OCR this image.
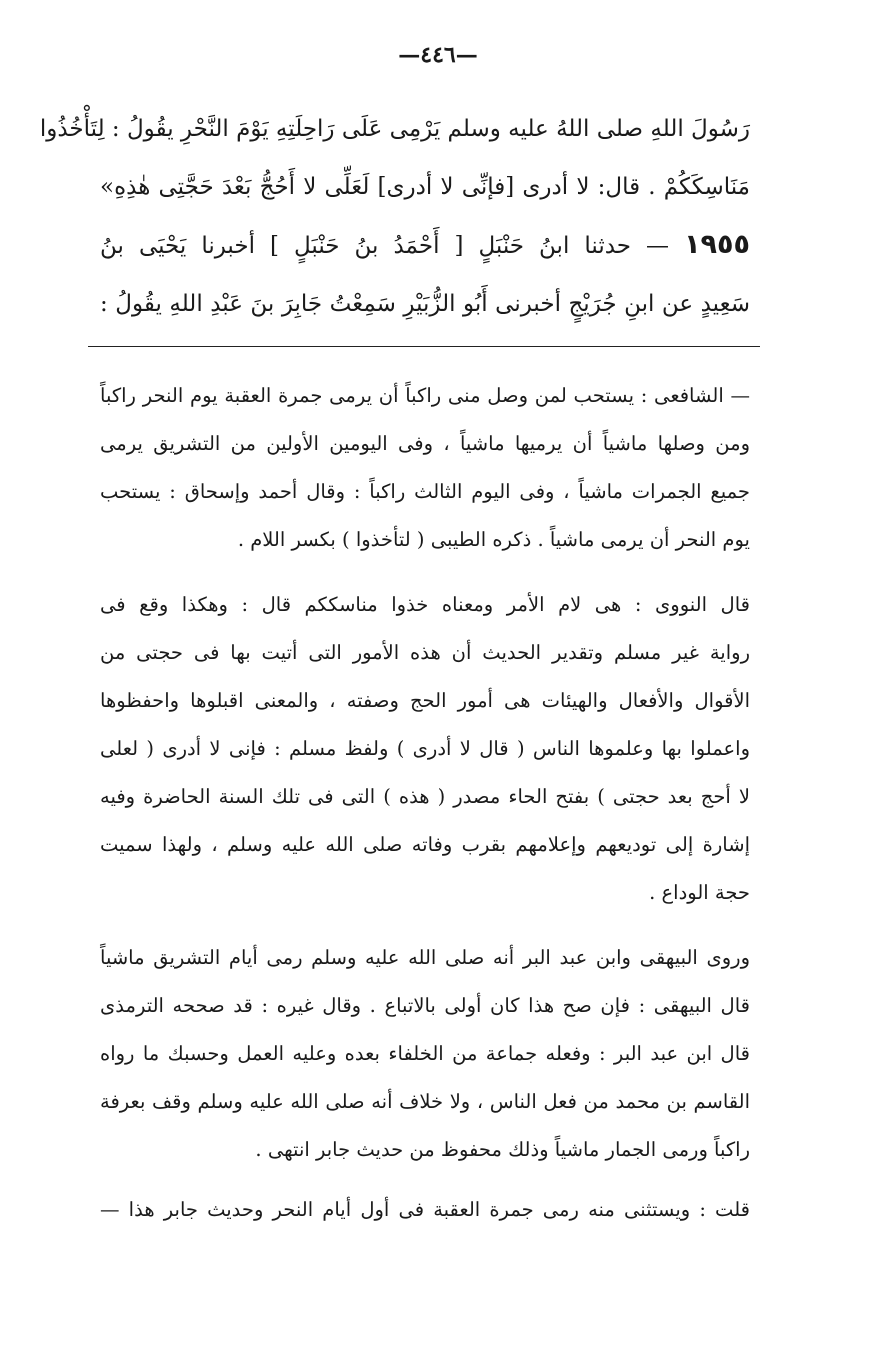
—٤٤٦—
رَسُولَ اللهِ صلى اللهُ عليه وسلم يَرْمِى عَلَى رَاحِلَتِهِ يَوْمَ النَّحْرِ يقُولُ : لِتَأْخُذُوا
مَنَاسِكَكُمْ . قال: لا أدرى [فإنِّى لا أدرى] لَعَلِّى لا أَحُجُّ بَعْدَ حَجَّتِى هٰذِهِ»
١٩٥٥ — حدثنا ابنُ حَنْبَلٍ [ أَحْمَدُ بنُ حَنْبَلٍ ] أخبرنا يَحْيَى بنُ
سَعِيدٍ عن ابنِ جُرَيْجٍ أخبرنى أَبُو الزُّبَيْرِ سَمِعْتُ جَابِرَ بنَ عَبْدِ اللهِ يقُولُ :
— الشافعى : يستحب لمن وصل منى راكباً أن يرمى جمرة العقبة يوم النحر راكباً
ومن وصلها ماشياً أن يرميها ماشياً ، وفى اليومين الأولين من التشريق يرمى
جميع الجمرات ماشياً ، وفى اليوم الثالث راكباً : وقال أحمد وإسحاق : يستحب
يوم النحر أن يرمى ماشياً . ذكره الطيبى ( لتأخذوا ) بكسر اللام .
قال النووى : هى لام الأمر ومعناه خذوا مناسككم قال : وهكذا وقع فى
رواية غير مسلم وتقدير الحديث أن هذه الأمور التى أتيت بها فى حجتى من
الأقوال والأفعال والهيئات هى أمور الحج وصفته ، والمعنى اقبلوها واحفظوها
واعملوا بها وعلموها الناس ( قال لا أدرى ) ولفظ مسلم : فإنى لا أدرى ( لعلى
لا أحج بعد حجتى ) بفتح الحاء مصدر ( هذه ) التى فى تلك السنة الحاضرة وفيه
إشارة إلى توديعهم وإعلامهم بقرب وفاته صلى الله عليه وسلم ، ولهذا سميت
حجة الوداع .
وروى البيهقى وابن عبد البر أنه صلى الله عليه وسلم رمى أيام التشريق ماشياً
قال البيهقى : فإن صح هذا كان أولى بالاتباع . وقال غيره : قد صححه الترمذى
قال ابن عبد البر : وفعله جماعة من الخلفاء بعده وعليه العمل وحسبك ما رواه
القاسم بن محمد من فعل الناس ، ولا خلاف أنه صلى الله عليه وسلم وقف بعرفة
راكباً ورمى الجمار ماشياً وذلك محفوظ من حديث جابر انتهى .
قلت : ويستثنى منه رمى جمرة العقبة فى أول أيام النحر وحديث جابر هذا —
